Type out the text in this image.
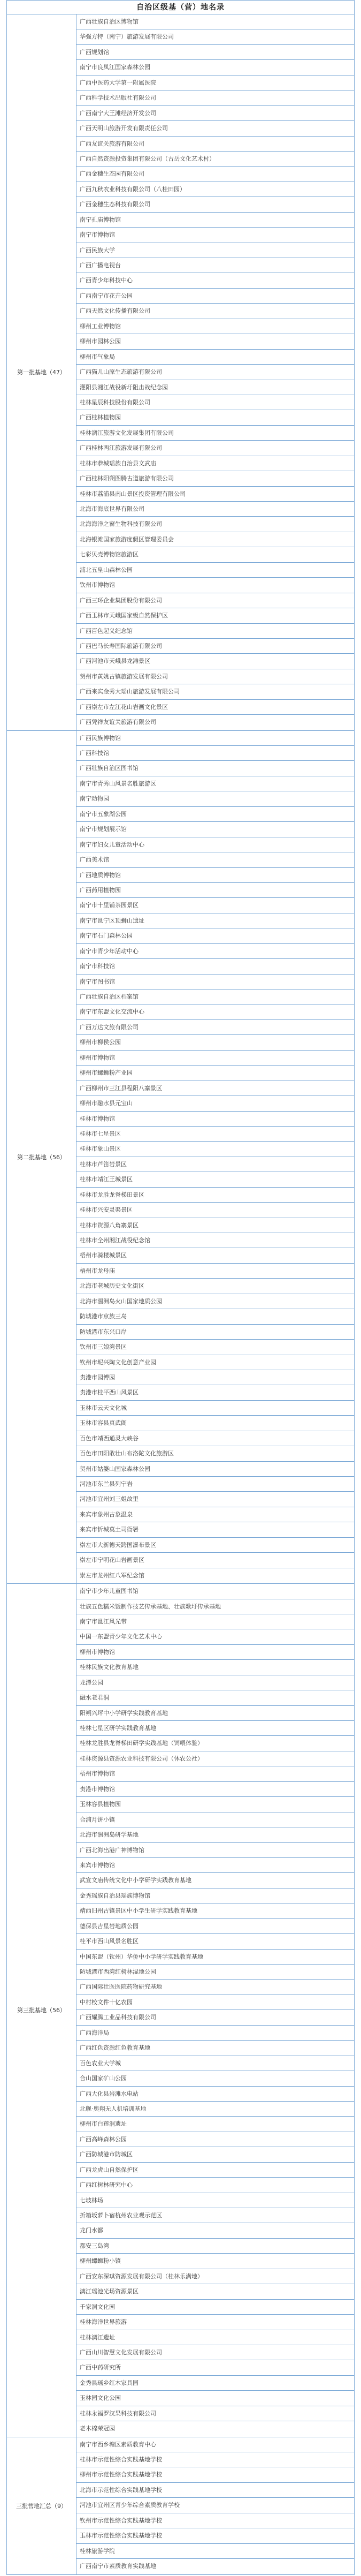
自治区级基（营）地名录
第一批基地（47）
广西壮族自治区博物馆
华强方特（南宁）旅游发展有限公司
广西规划馆
南宁市良凤江国家森林公园
广西中医药大学第一附属医院
广西科学技术出版社有限公司
广西南宁大王滩经济开发公司
广西天明山旅游开发有限责任公司
广西友谊关旅游有限公司
广西自然资源投资集团有限公司（古岳文化艺术村）
广西金穗生态园有限公司
广西九秋农业科技有限公司（八桂田园）
广西金穗生态科技有限公司
南宁孔庙博物馆
南宁市博物馆
广西民族大学
广西广播电视台
广西青少年科技中心
广西南宁市花卉公园
广西天然文化传播有限公司
柳州工业博物馆
柳州市园林公园
柳州市气象局
广西猫儿山原生态旅游有限公司
灌阳县湘江战役新圩阻击战纪念园
桂林星辰科技股份有限公司
广西桂林植物园
桂林漓江旅游文化发展集团有限公司
广西桂林两江旅游发展有限公司
桂林市恭城瑶族自治县文武庙
广西桂林阳朔图腾古道旅游有限公司
桂林市荔浦县南山景区投资管理有限公司
北海市海底世界有限公司
北海海洋之窗生物科技有限公司
北海银滩国家旅游度假区管理委员会
七彩贝壳博物馆旅游区
浦北五皇山森林公园
钦州市博物馆
广西三环企业集团股份有限公司
广西玉林市天峨国家级自然保护区
广西百色起义纪念馆
广西巴马长寿国际旅游有限公司
广西河池市天峨县龙滩景区
贺州市黄姚古镇旅游发展有限公司
广西来宾金秀大瑶山旅游发展有限公司
广西崇左市左江花山岩画文化景区
广西凭祥友谊关旅游有限公司
第二批基地（56）
广西民族博物馆
广西科技馆
广西壮族自治区图书馆
南宁市青秀山风景名胜旅游区
南宁动物园
南宁市五象湖公园
南宁市规划展示馆
南宁市妇女儿童活动中心
广西美术馆
广西地质博物馆
广西药用植物园
南宁市十里铺茶园景区
南宁市邕宁区顶蛳山遗址
南宁市石门森林公园
南宁市青少年活动中心
南宁市科技馆
南宁市图书馆
广西壮族自治区档案馆
南宁市东盟文化交流中心
广西万达文旅有限公司
柳州市柳侯公园
柳州市博物馆
柳州市螺蛳粉产业园
广西柳州市三江县程阳八寨景区
柳州市融水县元宝山
桂林市博物馆
桂林市七星景区
桂林市象山景区
桂林市芦笛岩景区
桂林市靖江王城景区
桂林市龙胜龙脊梯田景区
桂林市兴安灵渠景区
桂林市资源八角寨景区
桂林市全州湘江战役纪念馆
梧州市骑楼城景区
梧州市龙母庙
北海市老城历史文化街区
北海市涠洲岛火山国家地质公园
防城港市京族三岛
防城港市东兴口岸
钦州市三娘湾景区
钦州市坭兴陶文化创意产业园
贵港市园博园
贵港市桂平西山风景区
玉林市云天文化城
玉林市容县真武阁
百色市靖西通灵大峡谷
百色市田阳敢壮山布洛陀文化旅游区
贺州市姑婆山国家森林公园
河池市东兰县列宁岩
河池市宜州刘三姐故里
来宾市象州古象温泉
来宾市忻城莫土司衙署
崇左市大新德天跨国瀑布景区
崇左市宁明花山岩画景区
崇左市龙州红八军纪念馆
第三批基地（56）
南宁市少年儿童图书馆
壮族五色糯米饭制作技艺传承基地、壮族歌圩传承基地
南宁市邕江风光带
中国一东盟青少年文化艺术中心
柳州市博物馆
桂林民族文化教育基地
龙潭公园
融水老君洞
阳朔兴坪中小学研学实践教育基地
桂林七星区研学实践教育基地
桂林龙胜县龙脊梯田研学实践基地（饲喂体验）
桂林资源县资源农业科技有限公司（休农公社）
梧州市博物馆
贵港市博物馆
玉林容县植物园
合浦月饼小镇
北海市涠洲岛研学基地
广西北海出港广神博物馆
来宾市博物馆
武宣文庙传统文化中小学研学实践教育基地
金秀瑶族自治县瑶族博物馆
靖西旧州古镇景区中小学生研学实践教育基地
德保县吉星岩地质公园
桂平市西山风景名胜区
中国东盟（钦州）华侨中小学研学实践教育基地
防城港市西湾红树林湿地公园
广西国际壮医医院药物研究基地
中村校文件十亿农园
广西耀腾工业品科技有限公司
广西海洋局
广西红色资源红色教育基地
百色农业大学城
合山国家矿山公园
广西大化县岩滩水电站
北舰·奥翔无人机培训基地
柳州市白莲洞遗址
广西高峰森林公园
广西防城港市防城区
广西龙虎山自然保护区
广西红树林研究中心
七坡林场
折箱坂萝卜宿杭州农业观示范区
龙门水都
都安三岛湾
柳州螺蛳粉小镇
广西安东深琪资源发展有限公司（桂林乐满地）
漓江瑶池光场资源景区
千家洞文化园
桂林海洋世界旅游
桂林漓江遗址
广西山川智慧文化发展有限公司
广西中药研究所
金秀县瑶乡红木家具园
玉林园文化公园
桂林永福罗汉果科技有限公司
老木棉荣冠园
三批营地汇总（9）
南宁市西乡塘区素质教育中心
桂林市示范性综合实践基地学校
柳州市示范性综合实践基地学校
北海市示范性综合实践基地学校
河池市宜州区青少年综合素质教育学校
钦州市示范性综合实践基地学校
玉林市示范性综合实践基地学校
桂林旅游学院
广西南宁市素质教育实践基地
